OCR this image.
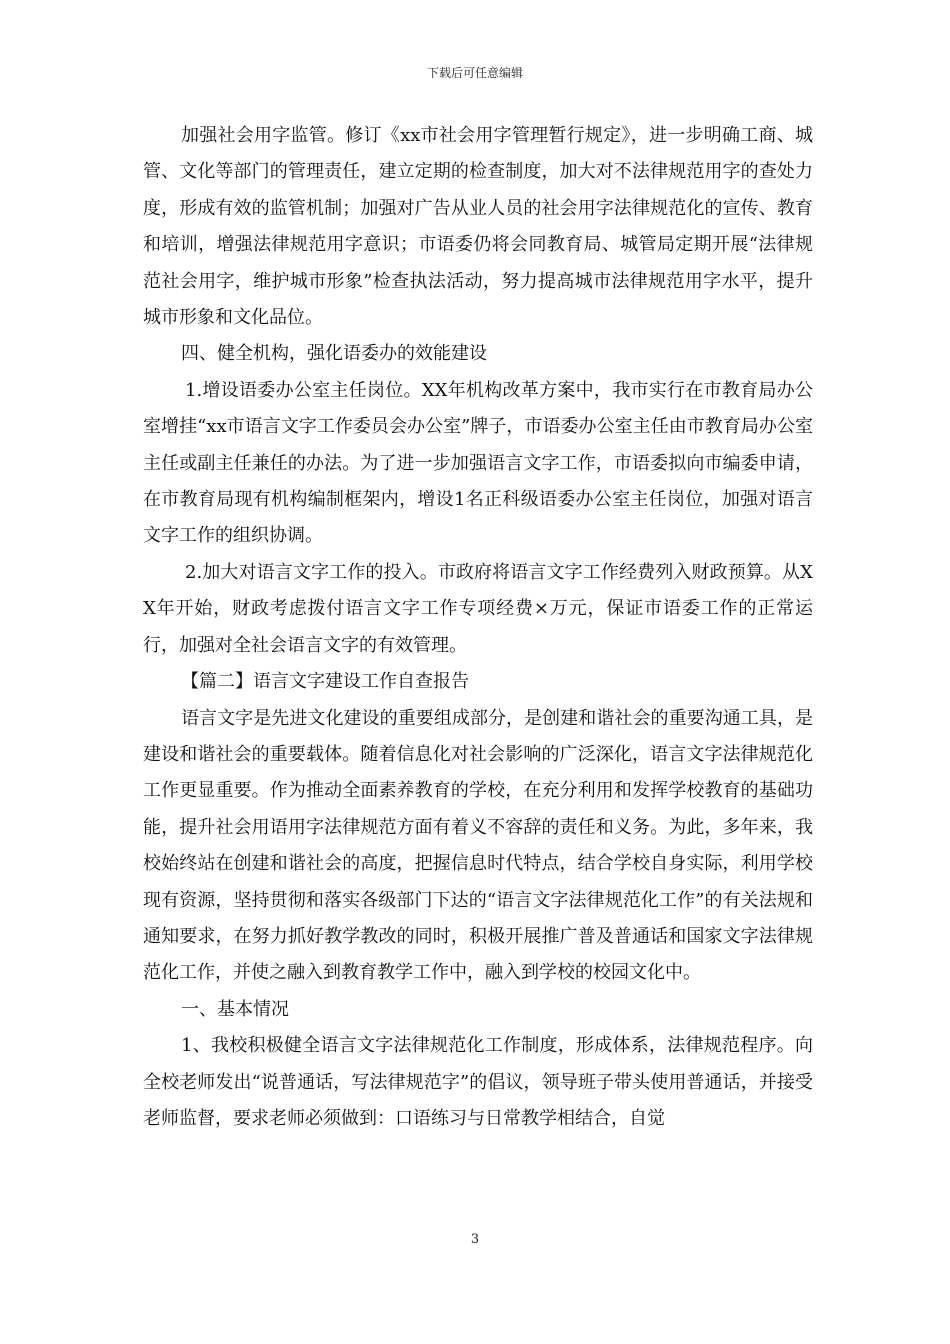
下载后可任意编辑

加强社会用字监管。修订《xx市社会用字管理暂行规定》，进一步明确工商、城管、文化等部门的管理责任，建立定期的检查制度，加大对不法律规范用字的查处力度，形成有效的监管机制；加强对广告从业人员的社会用字法律规范化的宣传、教育和培训，增强法律规范用字意识；市语委仍将会同教育局、城管局定期开展“法律规范社会用字，维护城市形象”检查执法活动，努力提高城市法律规范用字水平，提升城市形象和文化品位。

四、健全机构，强化语委办的效能建设

1.增设语委办公室主任岗位。XX年机构改革方案中，我市实行在市教育局办公室增挂“xx市语言文字工作委员会办公室”牌子，市语委办公室主任由市教育局办公室主任或副主任兼任的办法。为了进一步加强语言文字工作，市语委拟向市编委申请，在市教育局现有机构编制框架内，增设1名正科级语委办公室主任岗位，加强对语言文字工作的组织协调。

2.加大对语言文字工作的投入。市政府将语言文字工作经费列入财政预算。从XX年开始，财政考虑拨付语言文字工作专项经费×万元，保证市语委工作的正常运行，加强对全社会语言文字的有效管理。

【篇二】语言文字建设工作自查报告

语言文字是先进文化建设的重要组成部分，是创建和谐社会的重要沟通工具，是建设和谐社会的重要载体。随着信息化对社会影响的广泛深化，语言文字法律规范化工作更显重要。作为推动全面素养教育的学校，在充分利用和发挥学校教育的基础功能，提升社会用语用字法律规范方面有着义不容辞的责任和义务。为此，多年来，我校始终站在创建和谐社会的高度，把握信息时代特点，结合学校自身实际，利用学校现有资源，坚持贯彻和落实各级部门下达的“语言文字法律规范化工作”的有关法规和通知要求，在努力抓好教学教改的同时，积极开展推广普及普通话和国家文字法律规范化工作，并使之融入到教育教学工作中，融入到学校的校园文化中。

一、基本情况

1、我校积极健全语言文字法律规范化工作制度，形成体系，法律规范程序。向全校老师发出“说普通话，写法律规范字”的倡议，领导班子带头使用普通话，并接受老师监督，要求老师必须做到：口语练习与日常教学相结合，自觉

3
